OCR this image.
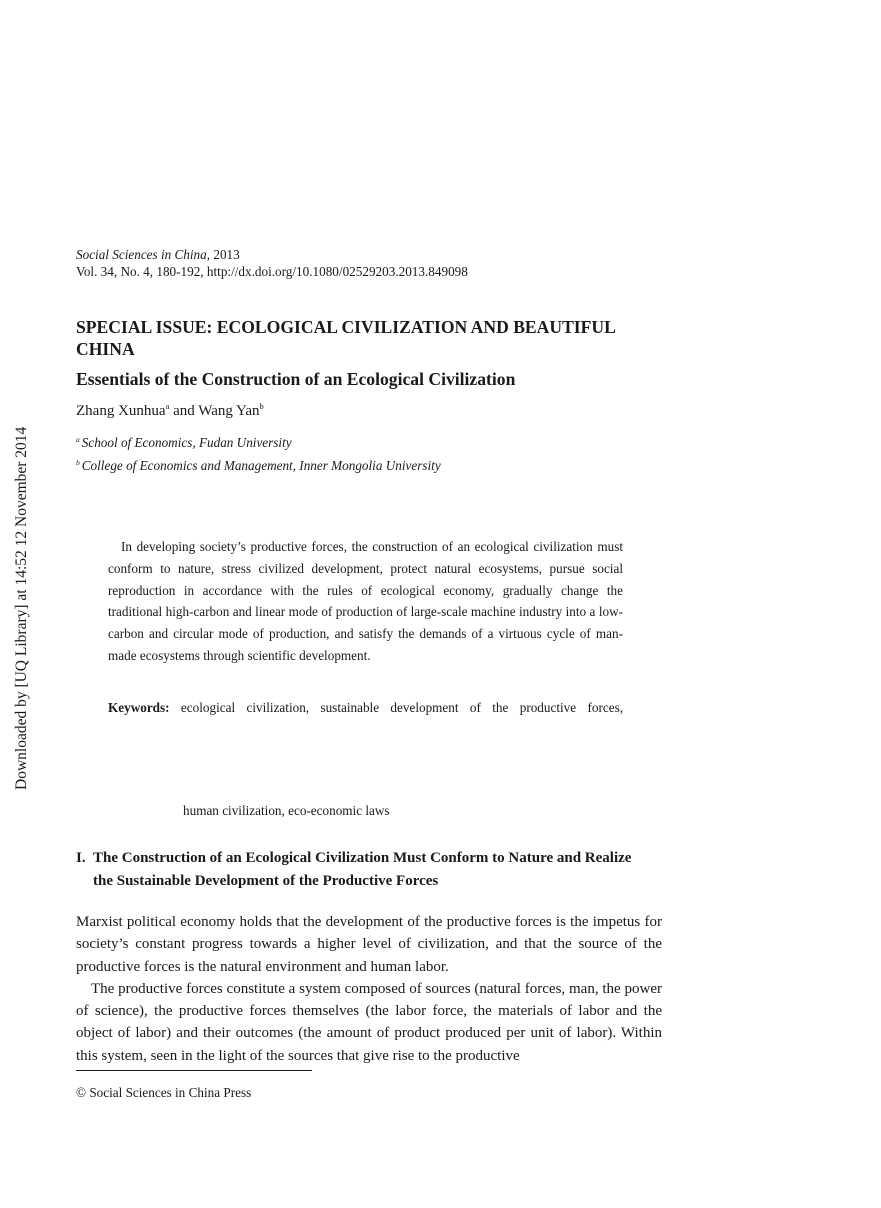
Downloaded by [UQ Library] at 14:52 12 November 2014
Social Sciences in China, 2013
Vol. 34, No. 4, 180-192, http://dx.doi.org/10.1080/02529203.2013.849098
SPECIAL ISSUE: ECOLOGICAL CIVILIZATION AND BEAUTIFUL CHINA
Essentials of the Construction of an Ecological Civilization
Zhang Xunhua$^a$ and Wang Yan$^b$
$^a$ School of Economics, Fudan University
$^b$ College of Economics and Management, Inner Mongolia University
In developing society’s productive forces, the construction of an ecological civilization must conform to nature, stress civilized development, protect natural ecosystems, pursue social reproduction in accordance with the rules of ecological economy, gradually change the traditional high-carbon and linear mode of production of large-scale machine industry into a low-carbon and circular mode of production, and satisfy the demands of a virtuous cycle of man-made ecosystems through scientific development.
Keywords: ecological civilization, sustainable development of the productive forces,
human civilization, eco-economic laws
I. The Construction of an Ecological Civilization Must Conform to Nature and Realize
the Sustainable Development of the Productive Forces

Marxist political economy holds that the development of the productive forces is the impetus for society’s constant progress towards a higher level of civilization, and that the source of the productive forces is the natural environment and human labor.

The productive forces constitute a system composed of sources (natural forces, man, the power of science), the productive forces themselves (the labor force, the materials of labor and the object of labor) and their outcomes (the amount of product produced per unit of labor). Within this system, seen in the light of the sources that give rise to the productive

© Social Sciences in China Press
